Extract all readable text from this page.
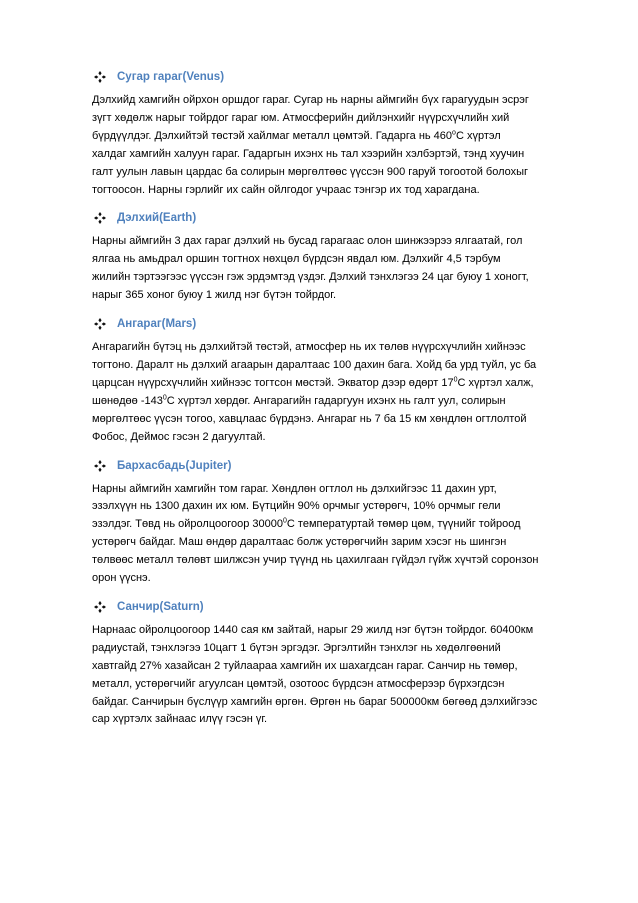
Сугар гараг(Venus)

Дэлхийд хамгийн ойрхон оршдог гараг. Сугар нь нарны аймгийн бүх гарагуудын эсрэг
зүгт хөдөлж нарыг тойрдог гараг юм. Атмосферийн дийлэнхийг нүүрсхүчлийн хий
бүрдүүлдэг. Дэлхийтэй төстэй хайлмаг металл цөмтэй. Гадарга нь 460$^o$C хүртэл
халдаг хамгийн халуун гараг. Гадаргын ихэнх нь тал хээрийн хэлбэртэй, тэнд хуучин
галт уулын лавын цардас ба солирын мөргөлтөөс үүссэн 900 гаруй тогоотой болохыг
тогтоосон. Нарны гэрлийг их сайн ойлгодог учраас тэнгэр их тод харагдана.

Дэлхий(Earth)

Нарны аймгийн 3 дах гараг дэлхий нь бусад гарагаас олон шинжээрээ ялгаатай, гол
ялгаа нь амьдрал оршин тогтнох нөхцөл бүрдсэн явдал юм. Дэлхийг 4,5 тэрбум
жилийн тэртээгээс үүссэн гэж эрдэмтэд үздэг. Дэлхий тэнхлэгээ 24 цаг буюу 1 хоногт,
нарыг 365 хоног буюу 1 жилд нэг бүтэн тойрдог.

Ангараг(Mars)

Ангарагийн бүтэц нь дэлхийтэй төстэй, атмосфер нь их төлөв нүүрсхүчлийн хийнээс
тогтоно. Даралт нь дэлхий агаарын даралтаас 100 дахин бага. Хойд ба урд туйл, ус ба
царцсан нүүрсхүчлийн хийнээс тогтсон мөстэй. Экватор дээр өдөрт $17^0С$ хүртэл халж,
шөнөдөө $-143^0С$ хүртэл хөрдөг. Ангарагийн гадаргуун ихэнх нь галт уул, солирын
мөргөлтөөс үүсэн тогоо, хавцлаас бүрдэнэ. Ангараг нь 7 ба 15 км хөндлөн огтлолтой
Фобос, Деймос гэсэн 2 дагуултай.

Бархасбадь(Jupiter)

Нарны аймгийн хамгийн том гараг. Хөндлөн огтлол нь дэлхийгээс 11 дахин урт,
эзэлхүүн нь 1300 дахин их юм. Бүтцийн 90% орчмыг устөрөгч, 10% орчмыг гели
эзэлдэг. Төвд нь ойролцоогоор 30000$^0$С температуртай төмөр цөм, түүнийг тойроод
устөрөгч байдаг. Маш өндөр даралтаас болж устөрөгчийн зарим хэсэг нь шингэн
төлвөөс металл төлөвт шилжсэн учир түүнд нь цахилгаан гүйдэл гүйж хүчтэй соронзон
орон үүснэ.

Санчир(Saturn)

Нарнаас ойролцоогоор 1440 сая км зайтай, нарыг 29 жилд нэг бүтэн тойрдог. 60400км
радиустай, тэнхлэгээ 10цагт 1 бүтэн эргэдэг. Эргэлтийн тэнхлэг нь хөдөлгөөний
хавтгайд 27% хазайсан 2 туйлаараа хамгийн их шахагдсан гараг. Санчир нь төмөр,
металл, устөрөгчийг агуулсан цөмтэй, озотоос бүрдсэн атмосферээр бүрхэгдсэн
байдаг. Санчирын бүслүүр хамгийн өргөн. Өргөн нь бараг 500000км бөгөөд дэлхийгээс
сар хүртэлх зайнаас илүү гэсэн үг.
